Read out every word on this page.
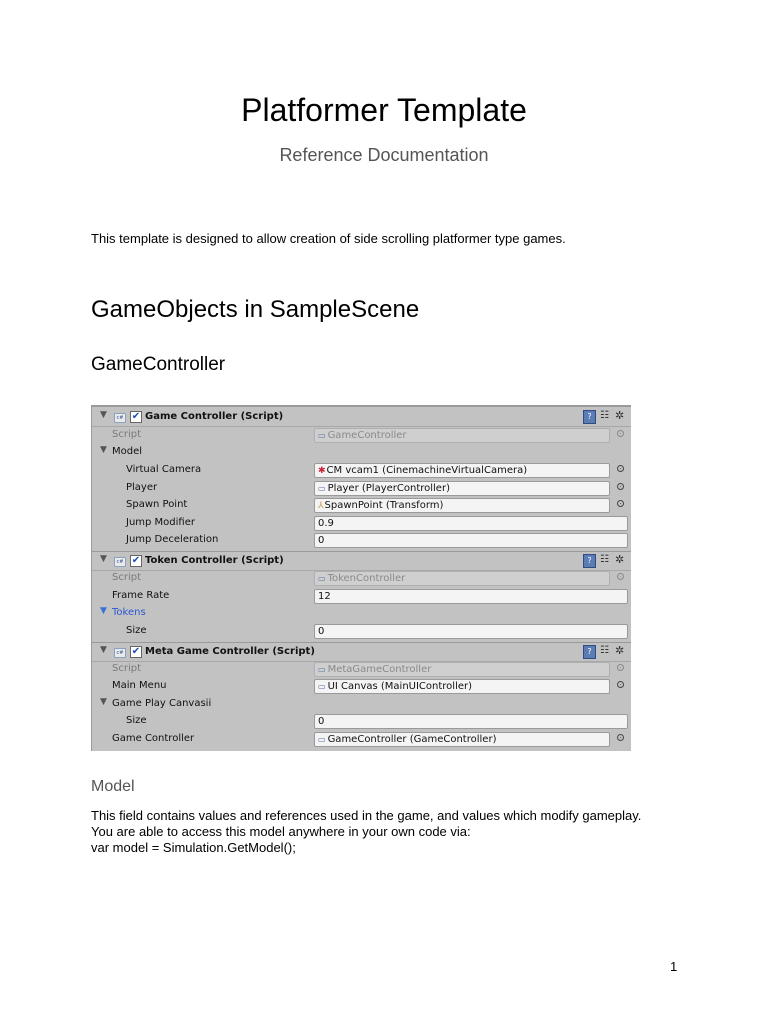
Platformer Template
Reference Documentation
This template is designed to allow creation of side scrolling platformer type games.
GameObjects in SampleScene
GameController
▼	c# ✔ Game Controller (Script)	? ☷ ✲
Script	▭ GameController
▼ Model
Virtual Camera	✱CM vcam1 (CinemachineVirtualCamera)
Player	▭ Player (PlayerController)
Spawn Point	⅄SpawnPoint (Transform)
Jump Modifier	0.9
Jump Deceleration	0
▼	c# ✔ Token Controller (Script)	? ☷ ✲
Script	▭ TokenController
Frame Rate	12
▼ Tokens
Size	0
▼	c# ✔ Meta Game Controller (Script)	? ☷ ✲
Script	▭ MetaGameController
Main Menu	▭ UI Canvas (MainUIController)
▼ Game Play Canvasii
Size	0
Game Controller	▭ GameController (GameController)
Model
This field contains values and references used in the game, and values which modify gameplay.
You are able to access this model anywhere in your own code via:
var model = Simulation.GetModel();
1
